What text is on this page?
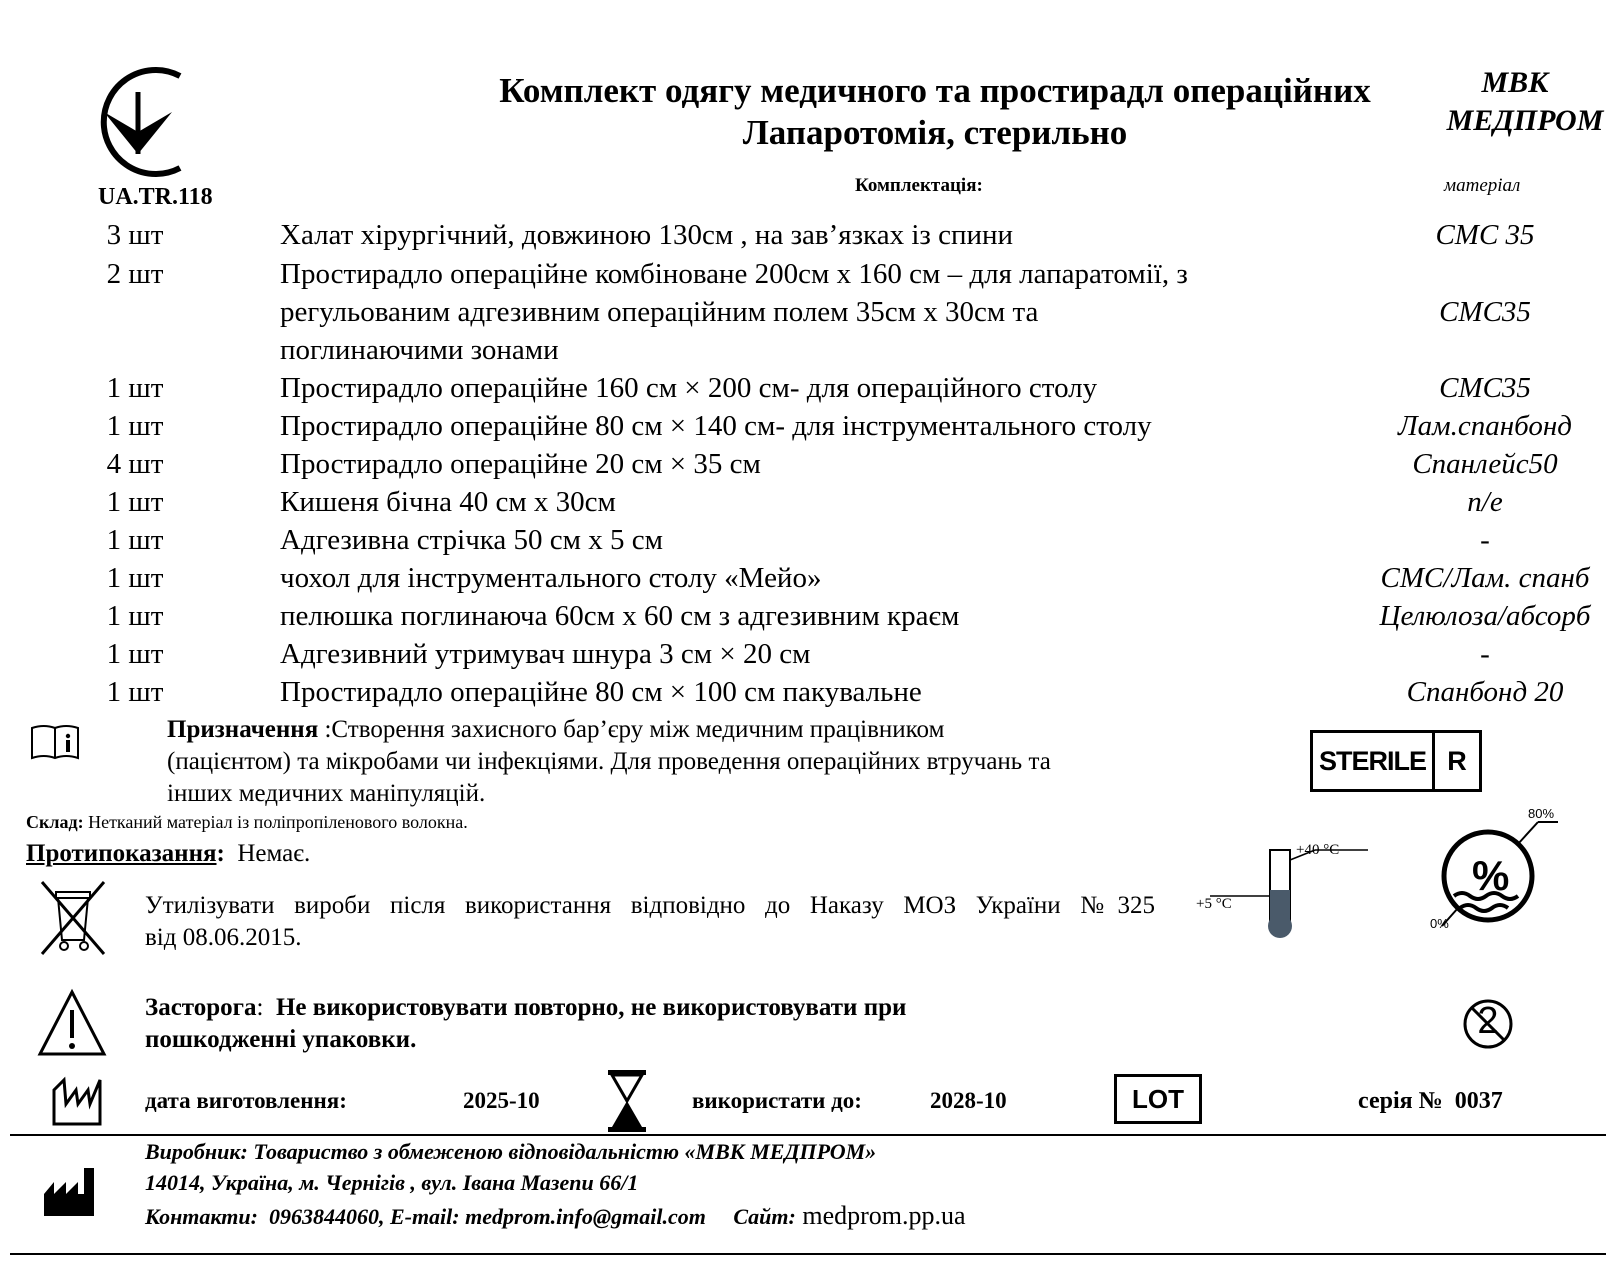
UA.TR.118
Комплект одягу медичного та простирадл операційних
Лапаротомія, стерильно
МВК
МЕДПРОМ
Комплектація:	матеріал
3 шт	Халат хірургічний, довжиною 130см , на зав’язках із спини	СМС 35
2 шт	Простирадло операційне комбіноване 200см х 160 см – для лапаратомії, з
регульованим адгезивним операційним полем 35см х 30см та	СМС35
поглинаючими зонами
1 шт	Простирадло операційне 160 см × 200 см- для операційного столу	СМС35
1 шт	Простирадло операційне 80 см × 140 см- для інструментального столу	Лам.спанбонд
4 шт	Простирадло операційне 20 см × 35 см	Спанлейс50
1 шт	Кишеня бічна 40 см х 30см	п/е
1 шт	Адгезивна стрічка 50 см х 5 см	-
1 шт	чохол для інструментального столу «Мейо»	СМС/Лам. спанб
1 шт	пелюшка поглинаюча 60см х 60 см з адгезивним краєм	Целюлоза/абсорб
1 шт	Адгезивний утримувач шнура 3 см × 20 см	-
1 шт	Простирадло операційне 80 см × 100 см пакувальне	Спанбонд 20
Призначення :Створення захисного бар’єру між медичним працівником
(пацієнтом) та мікробами чи інфекціями. Для проведення операційних втручань та
інших медичних маніпуляцій.
STERILE R
Склад: Нетканий матеріал із поліпропіленового волокна.
Протипоказання:  Немає.
Утилізувати вироби після використання відповідно до Наказу МОЗ України №325
від 08.06.2015.
+40 °C
+5 °C
%
80%
0%
Засторога:  Не використовувати повторно, не використовувати при
пошкодженні упаковки.	2
дата виготовлення:	2025-10	використати до:	2028-10	LOT	серія № 0037
Виробник: Товариство з обмеженою відповідальністю «МВК МЕДПРОМ»
14014, Україна, м. Чернігів , вул. Івана Мазепи 66/1
Контакти:  0963844060, E-mail: medprom.info@gmail.com Сайт: medprom.pp.ua
